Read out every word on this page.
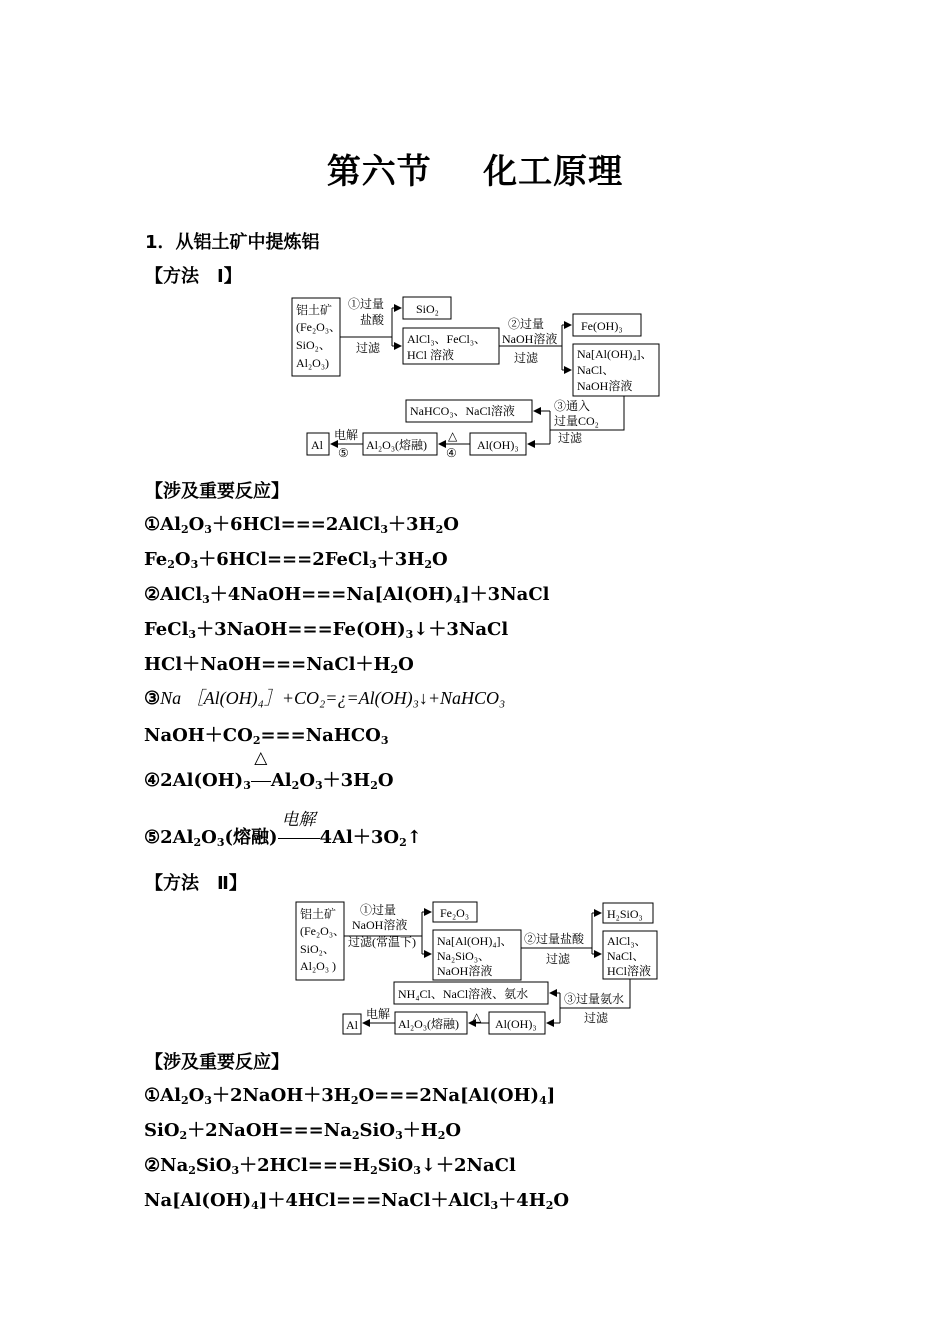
第六节 化工原理
1．从铝土矿中提炼铝
【方法　Ⅰ】
铝土矿
(Fe₂O₃、
SiO₂、
Al₂O₃)
①过量
盐酸
过滤
SiO₂
AlCl₃、FeCl₃、
HCl 溶液
②过量
NaOH溶液
过滤
Fe(OH)₃
Na[Al(OH)₄]、
NaCl、
NaOH溶液
③通入
过量CO₂
过滤
NaHCO₃、NaCl溶液
Al(OH)₃
△
④
Al₂O₃(熔融)
电解
⑤
Al
【涉及重要反应】
$①Al_2O_3+6HCl===2AlCl_3+3H_2O$
$Fe_2O_3+6HCl===2FeCl_3+3H_2O$
$②AlCl_3+4NaOH===Na[Al(OH)_4]+3NaCl$
$FeCl_3+3NaOH===Fe(OH)_3↓+3NaCl$
$HCl+NaOH===NaCl+H_2O$
③Na ［Al(OH)₄］+CO₂=¿=Al(OH)₃↓+NaHCO₃
$NaOH+CO_2===NaHCO_3$
$④2Al(OH)_3$
△
$Al_2O_3+3H_2O$
$⑤2Al_2O_3$(熔融)
电解
$4Al+3O_2↑$
【方法　Ⅱ】
铝土矿
(Fe₂O₃、
SiO₂、
Al₂O₃ )
①过量
NaOH溶液
过滤(常温下)
Fe₂O₃
Na[Al(OH)₄]、
Na₂SiO₃、
NaOH溶液
②过量盐酸
过滤
H₂SiO₃
AlCl₃、
NaCl、
HCl溶液
③过量氨水
过滤
NH₄Cl、NaCl溶液、氨水
Al(OH)₃
△
Al₂O₃(熔融)
电解
Al
【涉及重要反应】
$①Al_2O_3+2NaOH+3H_2O===2Na[Al(OH)_4]$
$SiO_2+2NaOH===Na_2SiO_3+H_2O$
$②Na_2SiO_3+2HCl===H_2SiO_3↓+2NaCl$
$Na[Al(OH)_4]+4HCl===NaCl+AlCl_3+4H_2O$
